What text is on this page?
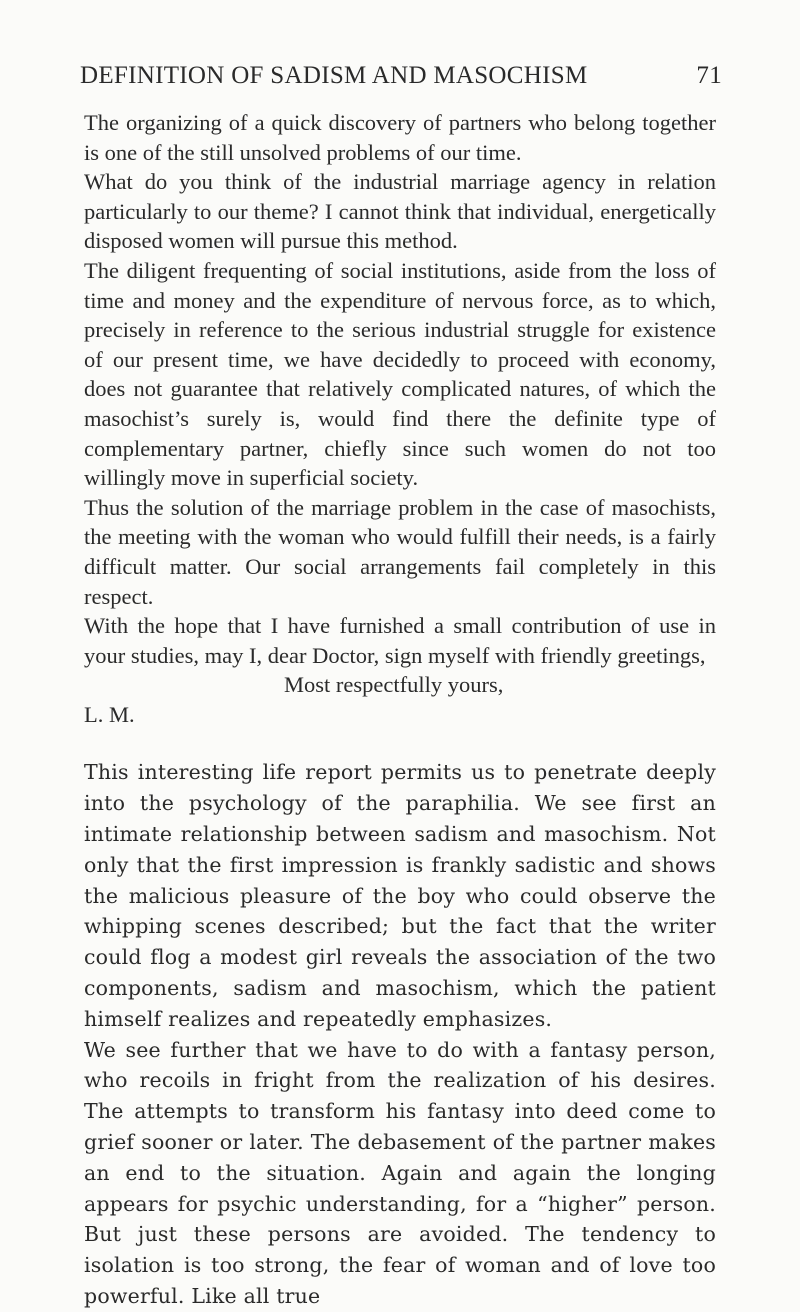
DEFINITION OF SADISM AND MASOCHISM	71

The organizing of a quick discovery of partners who belong together is one of the still unsolved problems of our time.

What do you think of the industrial marriage agency in relation particularly to our theme? I cannot think that individual, energetically disposed women will pursue this method.

The diligent frequenting of social institutions, aside from the loss of time and money and the expenditure of nervous force, as to which, precisely in reference to the serious industrial struggle for existence of our present time, we have decidedly to proceed with economy, does not guarantee that relatively complicated natures, of which the masochist’s surely is, would find there the definite type of complementary partner, chiefly since such women do not too willingly move in superficial society.

Thus the solution of the marriage problem in the case of masochists, the meeting with the woman who would fulfill their needs, is a fairly difficult matter. Our social arrangements fail completely in this respect.

With the hope that I have furnished a small contribution of use in your studies, may I, dear Doctor, sign myself with friendly greetings,

Most respectfully yours,

L. M.

This interesting life report permits us to penetrate deeply into the psychology of the paraphilia. We see first an intimate relationship between sadism and masochism. Not only that the first impression is frankly sadistic and shows the malicious pleasure of the boy who could observe the whipping scenes described; but the fact that the writer could flog a modest girl reveals the association of the two components, sadism and masochism, which the patient himself realizes and repeatedly emphasizes.

We see further that we have to do with a fantasy person, who recoils in fright from the realization of his desires. The attempts to transform his fantasy into deed come to grief sooner or later. The debasement of the partner makes an end to the situation. Again and again the longing appears for psychic understanding, for a “higher” person. But just these persons are avoided. The tendency to isolation is too strong, the fear of woman and of love too powerful. Like all true
